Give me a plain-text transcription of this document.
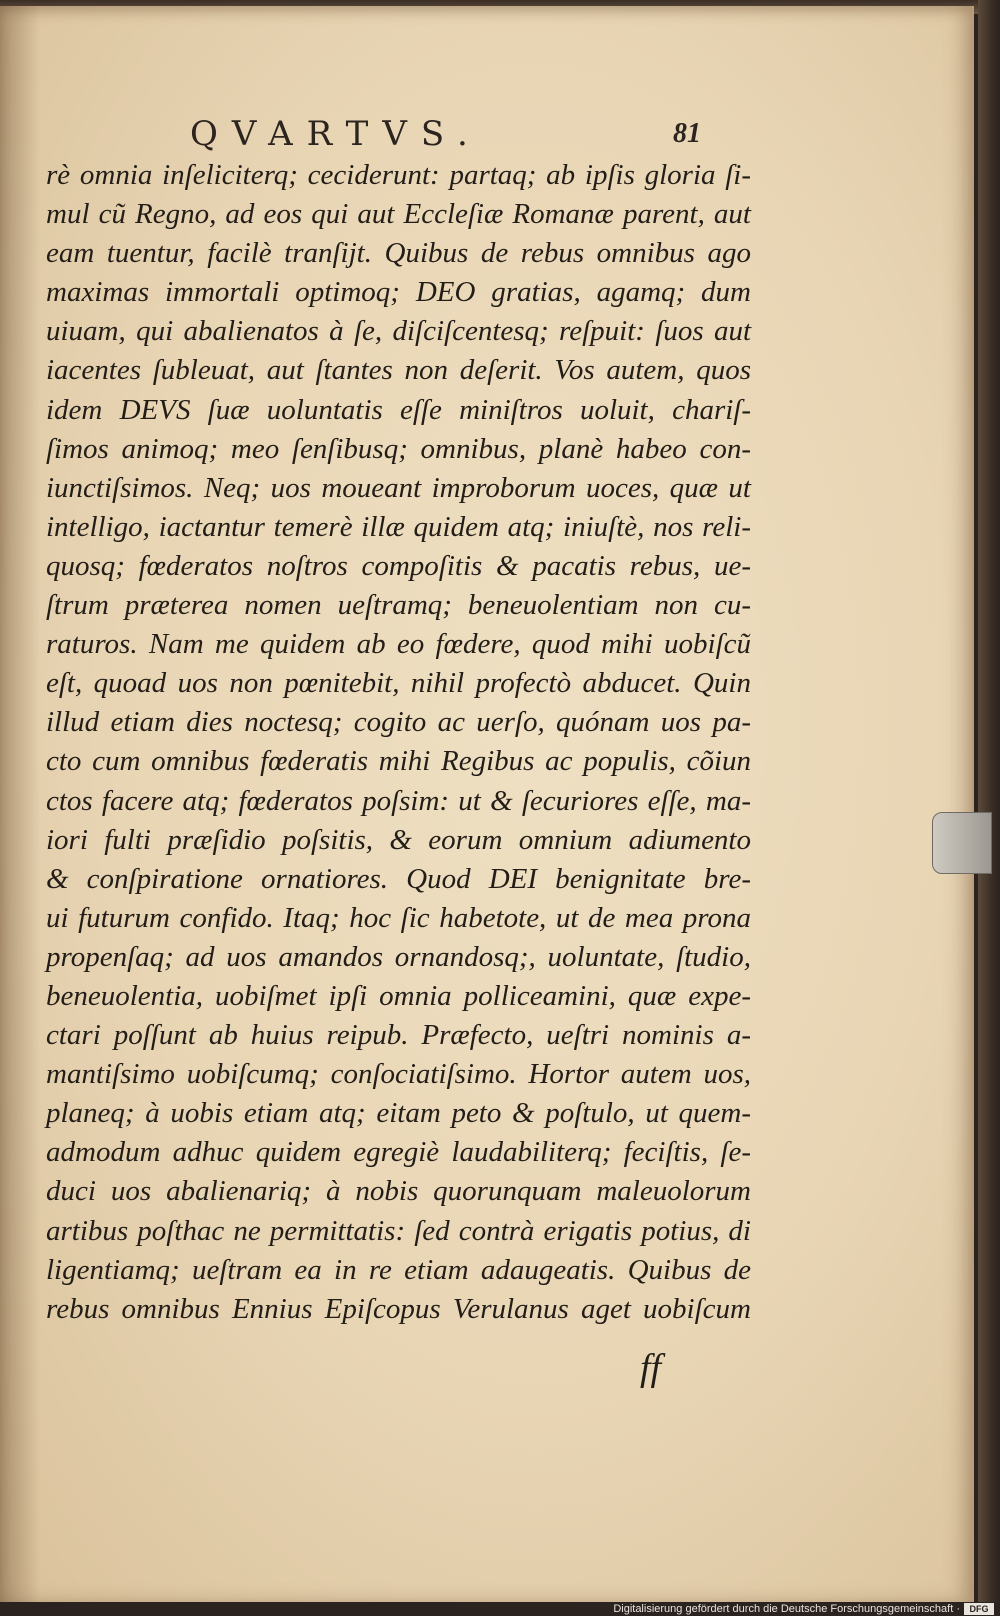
QVARTVS.	81
rè omnia inſeliciterq; ceciderunt: partaq; ab ipſis gloria ſi-
mul cũ Regno, ad eos qui aut Eccleſiæ Romanæ parent, aut
eam tuentur, facilè tranſijt. Quibus de rebus omnibus ago
maximas immortali optimoq; DEO gratias, agamq; dum
uiuam, qui abalienatos à ſe, diſciſcentesq; reſpuit: ſuos aut
iacentes ſubleuat, aut ſtantes non deſerit. Vos autem, quos
idem DEVS ſuæ uoluntatis eſſe miniſtros uoluit, chariſ-
ſimos animoq; meo ſenſibusq; omnibus, planè habeo con-
iunctiſsimos. Neq; uos moueant improborum uoces, quæ ut
intelligo, iactantur temerè illæ quidem atq; iniuſtè, nos reli-
quosq; fœderatos noſtros compoſitis & pacatis rebus, ue-
ſtrum præterea nomen ueſtramq; beneuolentiam non cu-
raturos. Nam me quidem ab eo fœdere, quod mihi uobiſcũ
eſt, quoad uos non pœnitebit, nihil profectò abducet. Quin
illud etiam dies noctesq; cogito ac uerſo, quónam uos pa-
cto cum omnibus fœderatis mihi Regibus ac populis, cõiun
ctos facere atq; fœderatos poſsim: ut & ſecuriores eſſe, ma-
iori fulti præſidio poſsitis, & eorum omnium adiumento
& conſpiratione ornatiores. Quod DEI benignitate bre-
ui futurum confido. Itaq; hoc ſic habetote, ut de mea prona
propenſaq; ad uos amandos ornandosq;, uoluntate, ſtudio,
beneuolentia, uobiſmet ipſi omnia polliceamini, quæ expe-
ctari poſſunt ab huius reipub. Præfecto, ueſtri nominis a-
mantiſsimo uobiſcumq; conſociatiſsimo. Hortor autem uos,
planeq; à uobis etiam atq; eitam peto & poſtulo, ut quem-
admodum adhuc quidem egregiè laudabiliterq; feciſtis, ſe-
duci uos abalienariq; à nobis quorunquam maleuolorum
artibus poſthac ne permittatis: ſed contrà erigatis potius, di
ligentiamq; ueſtram ea in re etiam adaugeatis. Quibus de
rebus omnibus Ennius Epiſcopus Verulanus aget uobiſcum
ff
Digitalisierung gefördert durch die Deutsche Forschungsgemeinschaft ·	DFG
